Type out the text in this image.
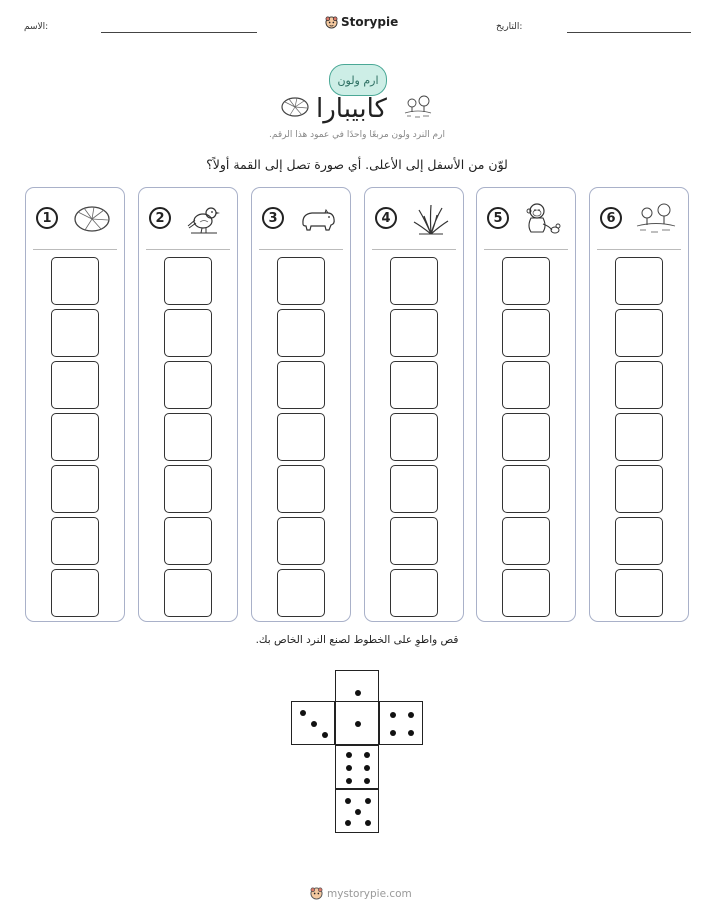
الاسم:	Storypie	التاريخ:
ارم ولون
كابيبارا
ارم النرد ولون مربعًا واحدًا في عمود هذا الرقم.
لوّن من الأسفل إلى الأعلى. أي صورة تصل إلى القمة أولاً؟
1	2	3	4	5	6
قص واطوِ على الخطوط لصنع النرد الخاص بك.
mystorypie.com
